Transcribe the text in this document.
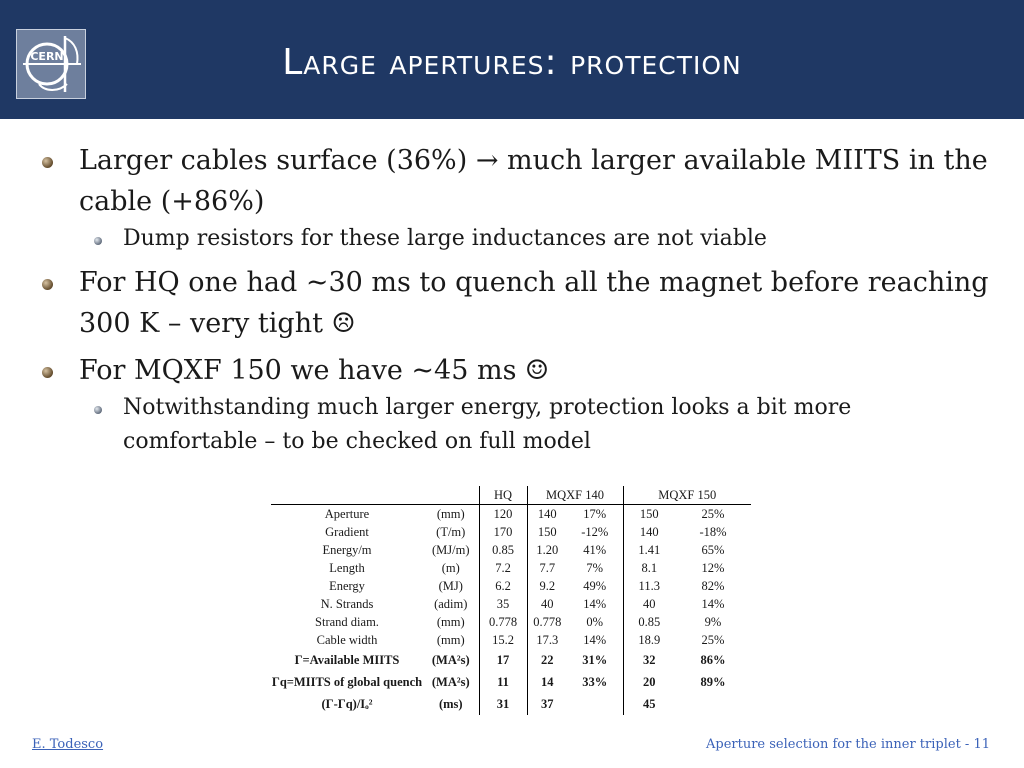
CERN	Large apertures: protection
Larger cables surface (36%) → much larger available MIITS in the cable (+86%)
Dump resistors for these large inductances are not viable
For HQ one had ~30 ms to quench all the magnet before reaching 300 K – very tight ☹
For MQXF 150 we have ~45 ms ☺
Notwithstanding much larger energy, protection looks a bit more comfortable – to be checked on full model
		HQ	MQXF 140		MQXF 150	
Aperture	(mm)	120	140	17%	150	25%
Gradient	(T/m)	170	150	-12%	140	-18%
Energy/m	(MJ/m)	0.85	1.20	41%	1.41	65%
Length	(m)	7.2	7.7	7%	8.1	12%
Energy	(MJ)	6.2	9.2	49%	11.3	82%
N. Strands	(adim)	35	40	14%	40	14%
Strand diam.	(mm)	0.778	0.778	0%	0.85	9%
Cable width	(mm)	15.2	17.3	14%	18.9	25%
Γ=Available MIITS	(MA²s)	17	22	31%	32	86%
Γq=MIITS of global quench	(MA²s)	11	14	33%	20	89%
(Γ-Γq)/Iₒ²	(ms)	31	37		45	
E. Todesco	Aperture selection for the inner triplet - 11
